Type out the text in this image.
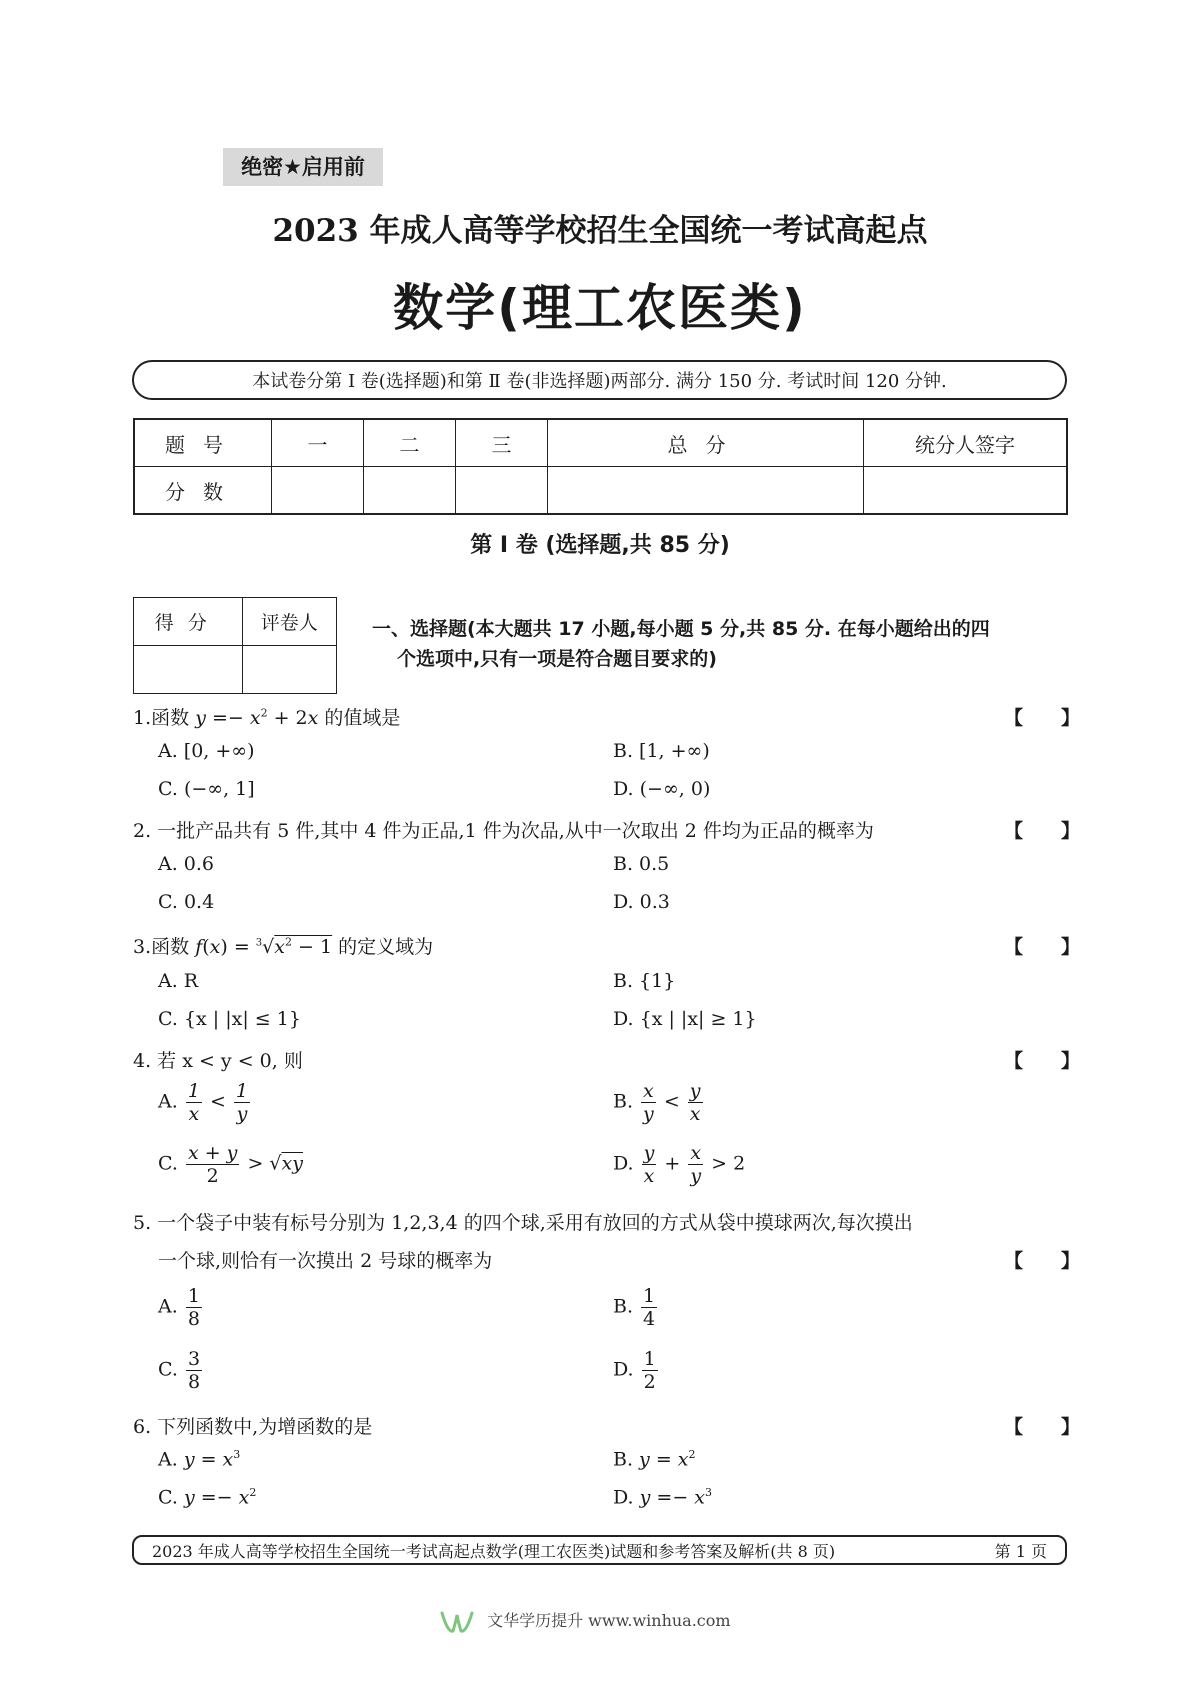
绝密★启用前
2023 年成人高等学校招生全国统一考试高起点
数学(理工农医类)
本试卷分第 Ⅰ 卷(选择题)和第 Ⅱ 卷(非选择题)两部分. 满分 150 分. 考试时间 120 分钟.
题号	一	二	三	总分	统分人签字
分数					
第 Ⅰ 卷 (选择题,共 85 分)
得分	评卷人
		一、选择题(本大题共 17 小题,每小题 5 分,共 85 分. 在每小题给出的四
个选项中,只有一项是符合题目要求的)
1.函数 $y =- x^2 + 2x$ 的值域是	【　　】
A. [0, +∞)	B. [1, +∞)
C. (−∞, 1]	D. (−∞, 0)
2. 一批产品共有 5 件,其中 4 件为正品,1 件为次品,从中一次取出 2 件均为正品的概率为	【　　】
A. 0.6	B. 0.5
C. 0.4	D. 0.3
3.函数 $f(x) = ^3√x^2 - 1$ 的定义域为	【　　】
A. R	B. {1}
C. {x | |x| ≤ 1}	D. {x | |x| ≥ 1}
4. 若 x < y < 0, 则	【　　】
A. $\frac{1}{x} < \frac{1}{y}$	B. $\frac{x}{y} < \frac{y}{x}$
C. $\frac{x + y}{2} > √xy$	D. $\frac{y}{x} + \frac{x}{y} > 2$
5. 一个袋子中装有标号分别为 1,2,3,4 的四个球,采用有放回的方式从袋中摸球两次,每次摸出
一个球,则恰有一次摸出 2 号球的概率为	【　　】
A. $\frac{1}{8}$	B. $\frac{1}{4}$
C. $\frac{3}{8}$	D. $\frac{1}{2}$
6. 下列函数中,为增函数的是	【　　】
A. $y = x^3$	B. $y = x^2$
C. $y =- x^2$	D. $y =- x^3$
2023 年成人高等学校招生全国统一考试高起点数学(理工农医类)试题和参考答案及解析(共 8 页)	第 1 页
文华学历提升 www.winhua.com
